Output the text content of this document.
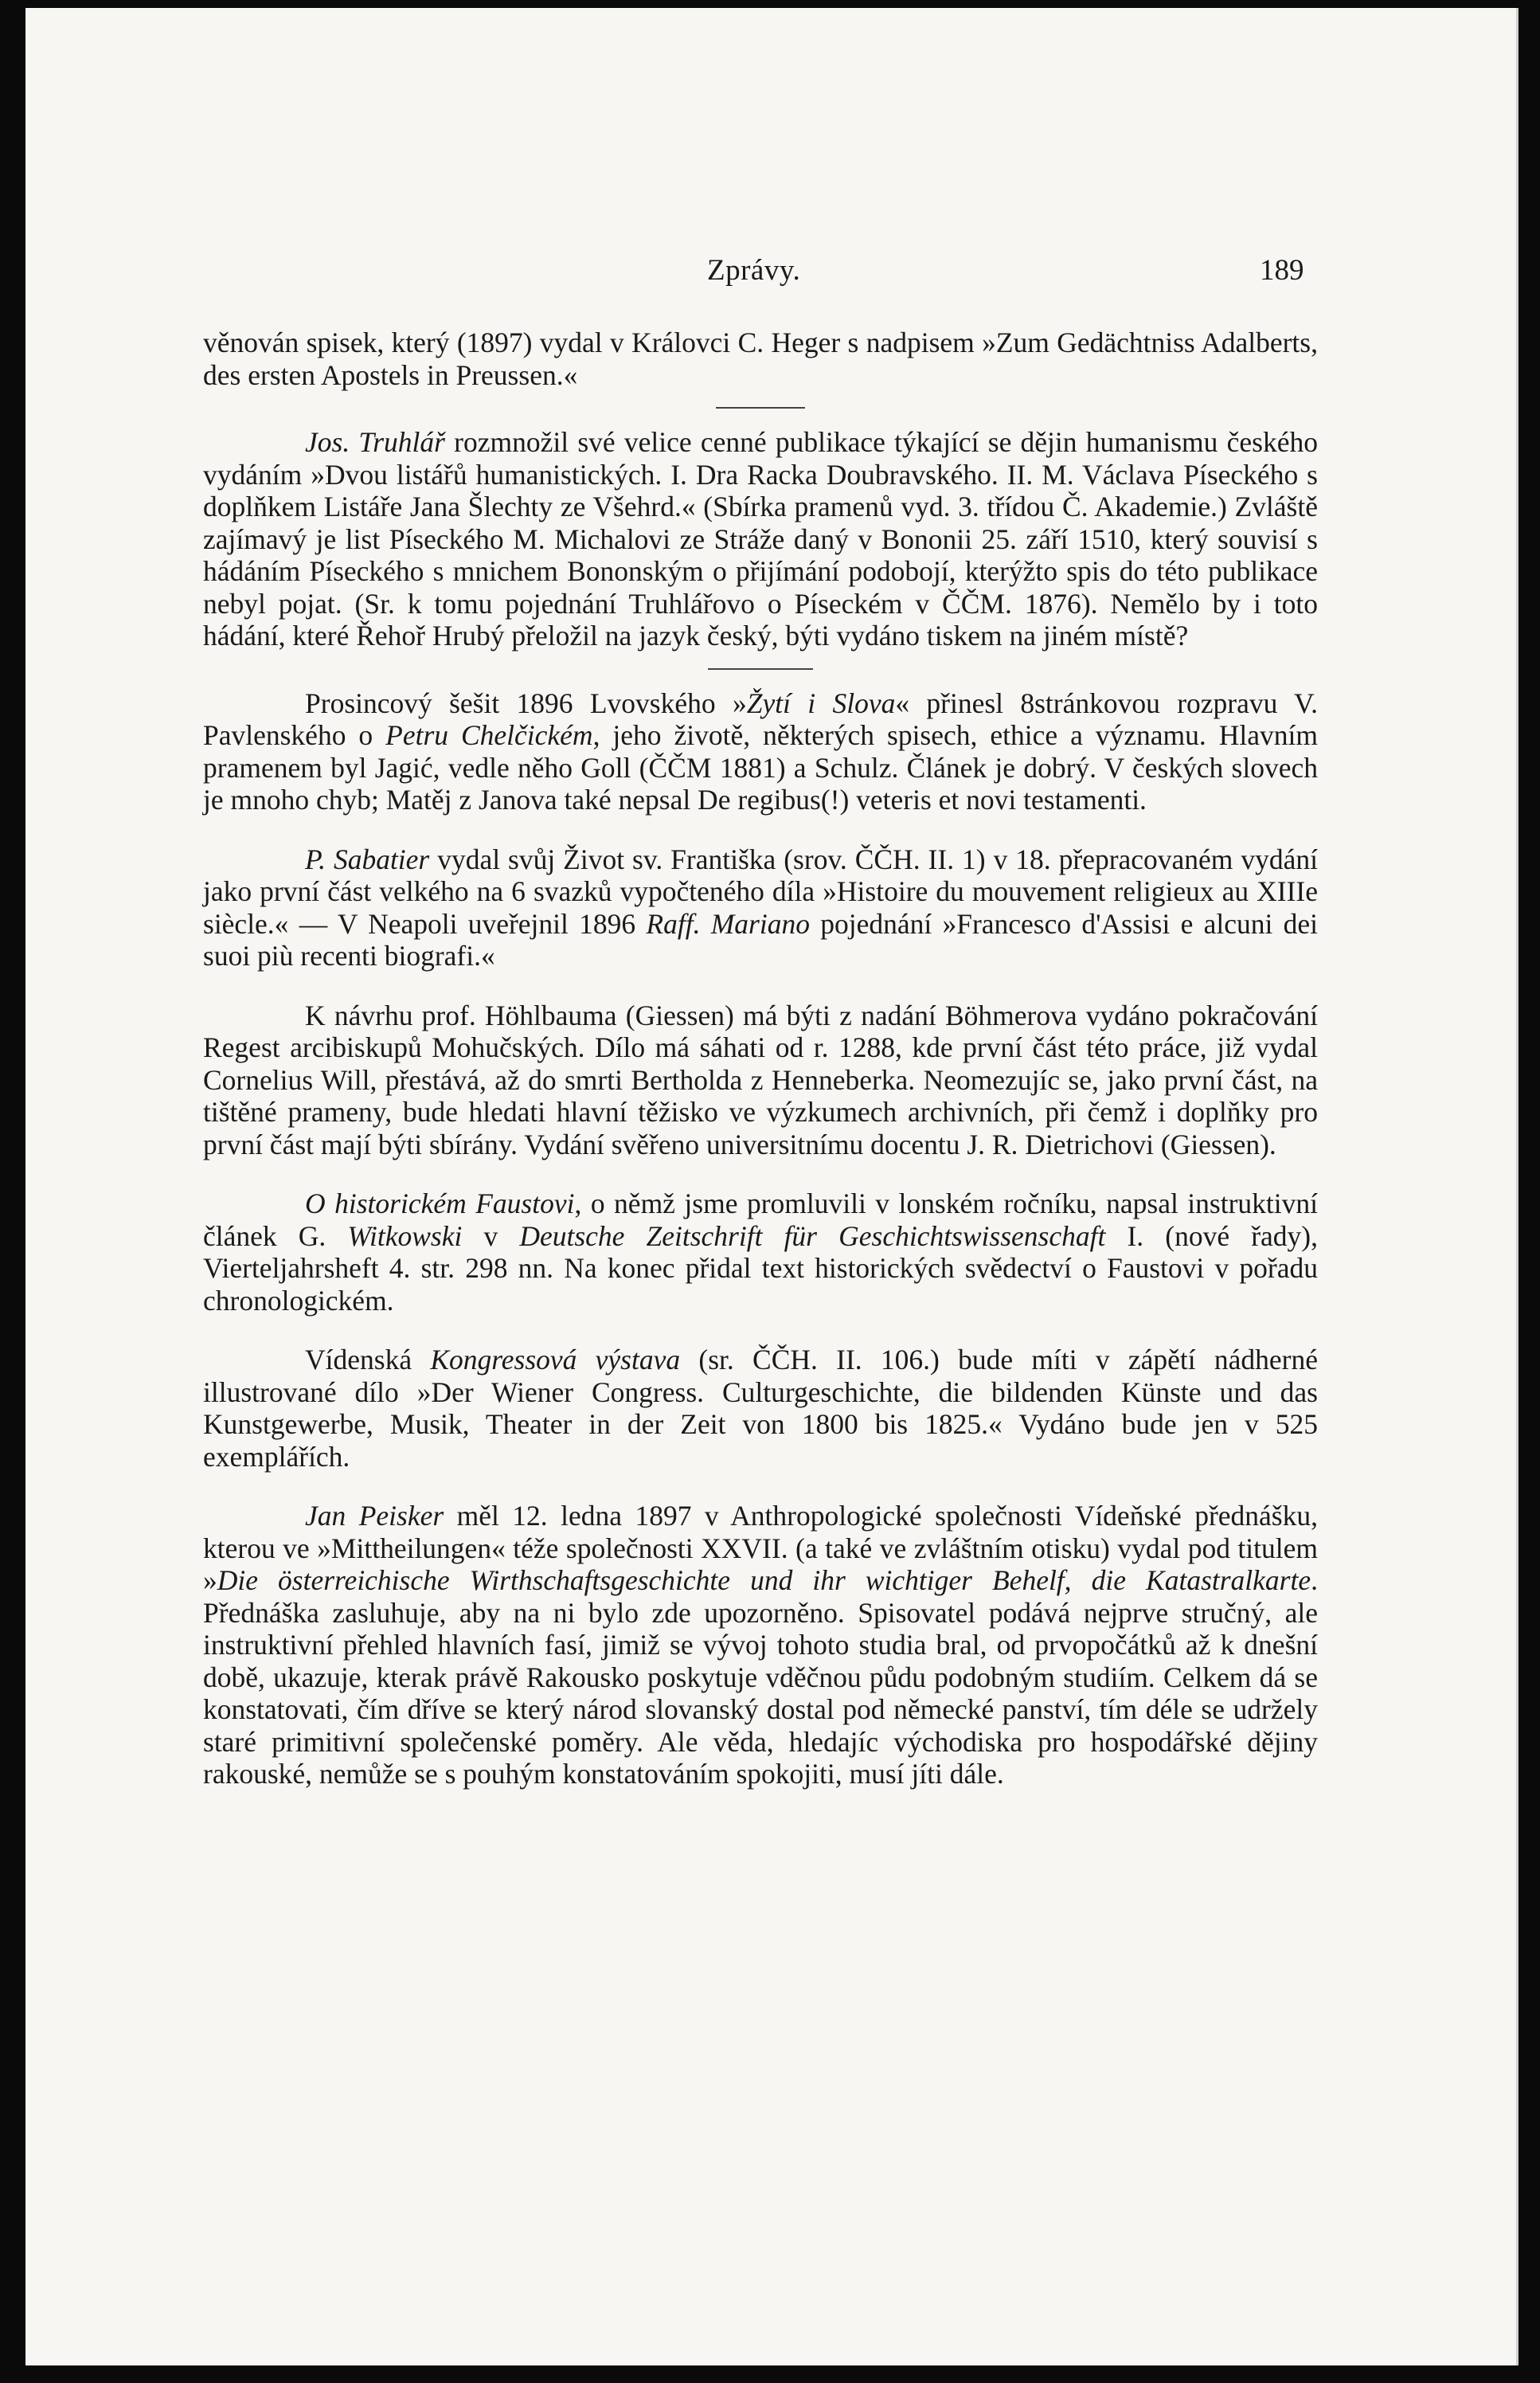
Zprávy.	189

věnován spisek, který (1897) vydal v Královci C. Heger s nadpisem »Zum Gedächtniss Adalberts, des ersten Apostels in Preussen.«

Jos. Truhlář rozmnožil své velice cenné publikace týkající se dějin humanismu českého vydáním »Dvou listářů humanistických. I. Dra Racka Doubravského. II. M. Václava Píseckého s doplňkem Listáře Jana Šlechty ze Všehrd.« (Sbírka pramenů vyd. 3. třídou Č. Akademie.) Zvláště zajímavý je list Píseckého M. Michalovi ze Stráže daný v Bononii 25. září 1510, který souvisí s hádáním Píseckého s mnichem Bononským o přijímání podobojí, kterýžto spis do této publikace nebyl pojat. (Sr. k tomu pojednání Truhlářovo o Píseckém v ČČM. 1876). Nemělo by i toto hádání, které Řehoř Hrubý přeložil na jazyk český, býti vydáno tiskem na jiném místě?

Prosincový šešit 1896 Lvovského »Žytí i Slova« přinesl 8stránkovou rozpravu V. Pavlenského o Petru Chelčickém, jeho životě, některých spisech, ethice a významu. Hlavním pramenem byl Jagić, vedle něho Goll (ČČM 1881) a Schulz. Článek je dobrý. V českých slovech je mnoho chyb; Matěj z Janova také nepsal De regibus(!) veteris et novi testamenti.

P. Sabatier vydal svůj Život sv. Františka (srov. ČČH. II. 1) v 18. přepracovaném vydání jako první část velkého na 6 svazků vypočteného díla »Histoire du mouvement religieux au XIIIe siècle.« — V Neapoli uveřejnil 1896 Raff. Mariano pojednání »Francesco d'Assisi e alcuni dei suoi più recenti biografi.«

K návrhu prof. Höhlbauma (Giessen) má býti z nadání Böhmerova vydáno pokračování Regest arcibiskupů Mohučských. Dílo má sáhati od r. 1288, kde první část této práce, již vydal Cornelius Will, přestává, až do smrti Bertholda z Henneberka. Neomezujíc se, jako první část, na tištěné prameny, bude hledati hlavní těžisko ve výzkumech archivních, při čemž i doplňky pro první část mají býti sbírány. Vydání svěřeno universitnímu docentu J. R. Dietrichovi (Giessen).

O historickém Faustovi, o němž jsme promluvili v lonském ročníku, napsal instruktivní článek G. Witkowski v Deutsche Zeitschrift für Geschichtswissenschaft I. (nové řady), Vierteljahrsheft 4. str. 298 nn. Na konec přidal text historických svědectví o Faustovi v pořadu chronologickém.

Vídenská Kongressová výstava (sr. ČČH. II. 106.) bude míti v zápětí nádherné illustrované dílo »Der Wiener Congress. Culturgeschichte, die bildenden Künste und das Kunstgewerbe, Musik, Theater in der Zeit von 1800 bis 1825.« Vydáno bude jen v 525 exemplářích.

Jan Peisker měl 12. ledna 1897 v Anthropologické společnosti Vídeňské přednášku, kterou ve »Mittheilungen« téže společnosti XXVII. (a také ve zvláštním otisku) vydal pod titulem »Die österreichische Wirthschaftsgeschichte und ihr wichtiger Behelf, die Katastralkarte. Přednáška zasluhuje, aby na ni bylo zde upozorněno. Spisovatel podává nejprve stručný, ale instruktivní přehled hlavních fasí, jimiž se vývoj tohoto studia bral, od prvopočátků až k dnešní době, ukazuje, kterak právě Rakousko poskytuje vděčnou půdu podobným studiím. Celkem dá se konstatovati, čím dříve se který národ slovanský dostal pod německé panství, tím déle se udržely staré primitivní společenské poměry. Ale věda, hledajíc východiska pro hospodářské dějiny rakouské, nemůže se s pouhým konstatováním spokojiti, musí jíti dále.
